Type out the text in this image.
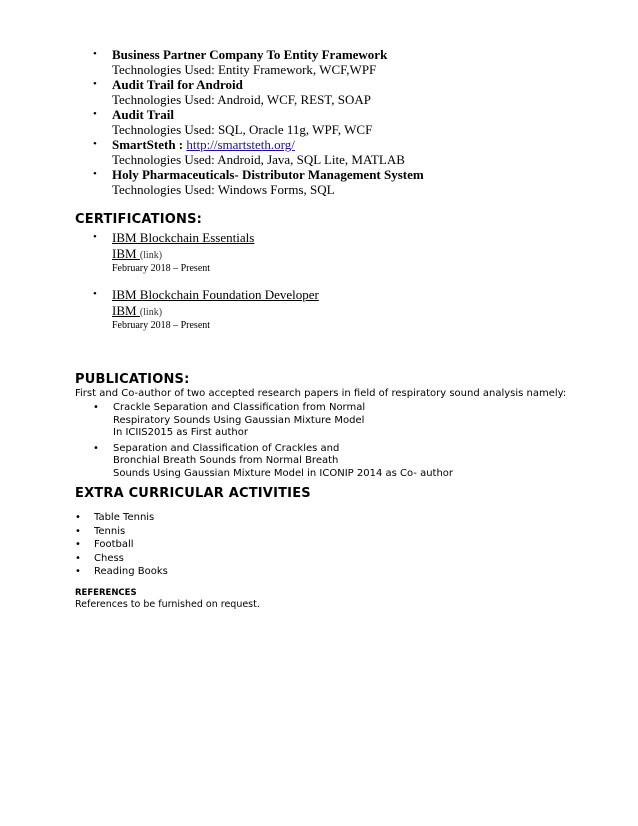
• Business Partner Company To Entity Framework
Technologies Used: Entity Framework, WCF,WPF
• Audit Trail for Android
Technologies Used: Android, WCF, REST, SOAP
• Audit Trail
Technologies Used: SQL, Oracle 11g, WPF, WCF
• SmartSteth : http://smartsteth.org/
Technologies Used: Android, Java, SQL Lite, MATLAB
• Holy Pharmaceuticals- Distributor Management System
Technologies Used: Windows Forms, SQL
CERTIFICATIONS:
• IBM Blockchain Essentials
IBM (link)
February 2018 – Present
• IBM Blockchain Foundation Developer
IBM (link)
February 2018 – Present
PUBLICATIONS:
First and Co-author of two accepted research papers in field of respiratory sound analysis namely:
• Crackle Separation and Classification from Normal
Respiratory Sounds Using Gaussian Mixture Model
In ICIIS2015 as First author
• Separation and Classification of Crackles and
Bronchial Breath Sounds from Normal Breath
Sounds Using Gaussian Mixture Model in ICONIP 2014 as Co- author
EXTRA CURRICULAR ACTIVITIES
• Table Tennis
• Tennis
• Football
• Chess
• Reading Books
REFERENCES
References to be furnished on request.
